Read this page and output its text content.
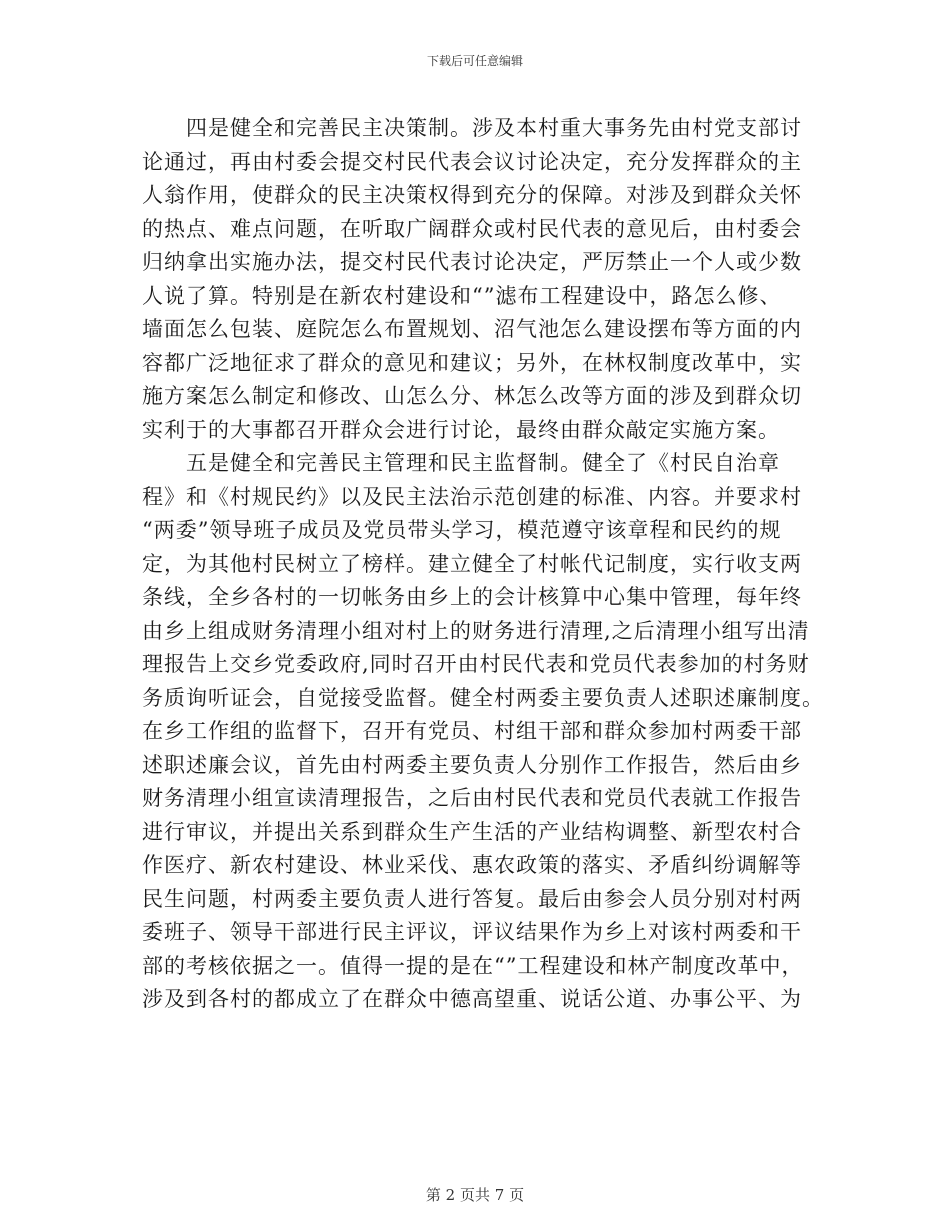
下载后可任意编辑

　　四是健全和完善民主决策制。涉及本村重大事务先由村党支部讨
论通过，再由村委会提交村民代表会议讨论决定，充分发挥群众的主
人翁作用，使群众的民主决策权得到充分的保障。对涉及到群众关怀
的热点、难点问题，在听取广阔群众或村民代表的意见后，由村委会
归纳拿出实施办法，提交村民代表讨论决定，严厉禁止一个人或少数
人说了算。特别是在新农村建设和“”滤布工程建设中，路怎么修、
墙面怎么包装、庭院怎么布置规划、沼气池怎么建设摆布等方面的内
容都广泛地征求了群众的意见和建议；另外，在林权制度改革中，实
施方案怎么制定和修改、山怎么分、林怎么改等方面的涉及到群众切
实利于的大事都召开群众会进行讨论，最终由群众敲定实施方案。

　　五是健全和完善民主管理和民主监督制。健全了《村民自治章
程》和《村规民约》以及民主法治示范创建的标准、内容。并要求村
“两委”领导班子成员及党员带头学习，模范遵守该章程和民约的规
定，为其他村民树立了榜样。建立健全了村帐代记制度，实行收支两
条线，全乡各村的一切帐务由乡上的会计核算中心集中管理，每年终
由乡上组成财务清理小组对村上的财务进行清理,之后清理小组写出清
理报告上交乡党委政府,同时召开由村民代表和党员代表参加的村务财
务质询听证会，自觉接受监督。健全村两委主要负责人述职述廉制度。
在乡工作组的监督下，召开有党员、村组干部和群众参加村两委干部
述职述廉会议，首先由村两委主要负责人分别作工作报告，然后由乡
财务清理小组宣读清理报告，之后由村民代表和党员代表就工作报告
进行审议，并提出关系到群众生产生活的产业结构调整、新型农村合
作医疗、新农村建设、林业采伐、惠农政策的落实、矛盾纠纷调解等
民生问题，村两委主要负责人进行答复。最后由参会人员分别对村两
委班子、领导干部进行民主评议，评议结果作为乡上对该村两委和干
部的考核依据之一。值得一提的是在“”工程建设和林产制度改革中，
涉及到各村的都成立了在群众中德高望重、说话公道、办事公平、为

第 2 页共 7 页
